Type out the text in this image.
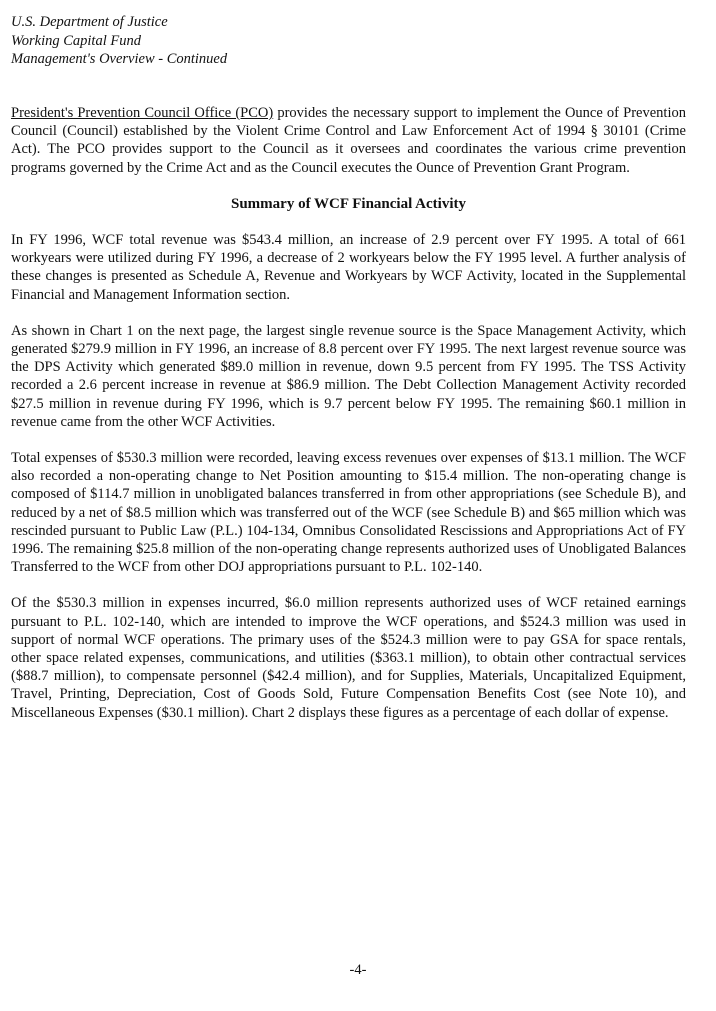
U.S. Department of Justice
Working Capital Fund
Management's Overview - Continued

President's Prevention Council Office (PCO) provides the necessary support to implement the Ounce of Prevention Council (Council) established by the Violent Crime Control and Law Enforcement Act of 1994 § 30101 (Crime Act). The PCO provides support to the Council as it oversees and coordinates the various crime prevention programs governed by the Crime Act and as the Council executes the Ounce of Prevention Grant Program.

Summary of WCF Financial Activity

In FY 1996, WCF total revenue was $543.4 million, an increase of 2.9 percent over FY 1995. A total of 661 workyears were utilized during FY 1996, a decrease of 2 workyears below the FY 1995 level. A further analysis of these changes is presented as Schedule A, Revenue and Workyears by WCF Activity, located in the Supplemental Financial and Management Information section.

As shown in Chart 1 on the next page, the largest single revenue source is the Space Management Activity, which generated $279.9 million in FY 1996, an increase of 8.8 percent over FY 1995. The next largest revenue source was the DPS Activity which generated $89.0 million in revenue, down 9.5 percent from FY 1995. The TSS Activity recorded a 2.6 percent increase in revenue at $86.9 million. The Debt Collection Management Activity recorded $27.5 million in revenue during FY 1996, which is 9.7 percent below FY 1995. The remaining $60.1 million in revenue came from the other WCF Activities.

Total expenses of $530.3 million were recorded, leaving excess revenues over expenses of $13.1 million. The WCF also recorded a non-operating change to Net Position amounting to $15.4 million. The non-operating change is composed of $114.7 million in unobligated balances transferred in from other appropriations (see Schedule B), and reduced by a net of $8.5 million which was transferred out of the WCF (see Schedule B) and $65 million which was rescinded pursuant to Public Law (P.L.) 104-134, Omnibus Consolidated Rescissions and Appropriations Act of FY 1996. The remaining $25.8 million of the non-operating change represents authorized uses of Unobligated Balances Transferred to the WCF from other DOJ appropriations pursuant to P.L. 102-140.

Of the $530.3 million in expenses incurred, $6.0 million represents authorized uses of WCF retained earnings pursuant to P.L. 102-140, which are intended to improve the WCF operations, and $524.3 million was used in support of normal WCF operations. The primary uses of the $524.3 million were to pay GSA for space rentals, other space related expenses, communications, and utilities ($363.1 million), to obtain other contractual services ($88.7 million), to compensate personnel ($42.4 million), and for Supplies, Materials, Uncapitalized Equipment, Travel, Printing, Depreciation, Cost of Goods Sold, Future Compensation Benefits Cost (see Note 10), and Miscellaneous Expenses ($30.1 million). Chart 2 displays these figures as a percentage of each dollar of expense.

-4-
